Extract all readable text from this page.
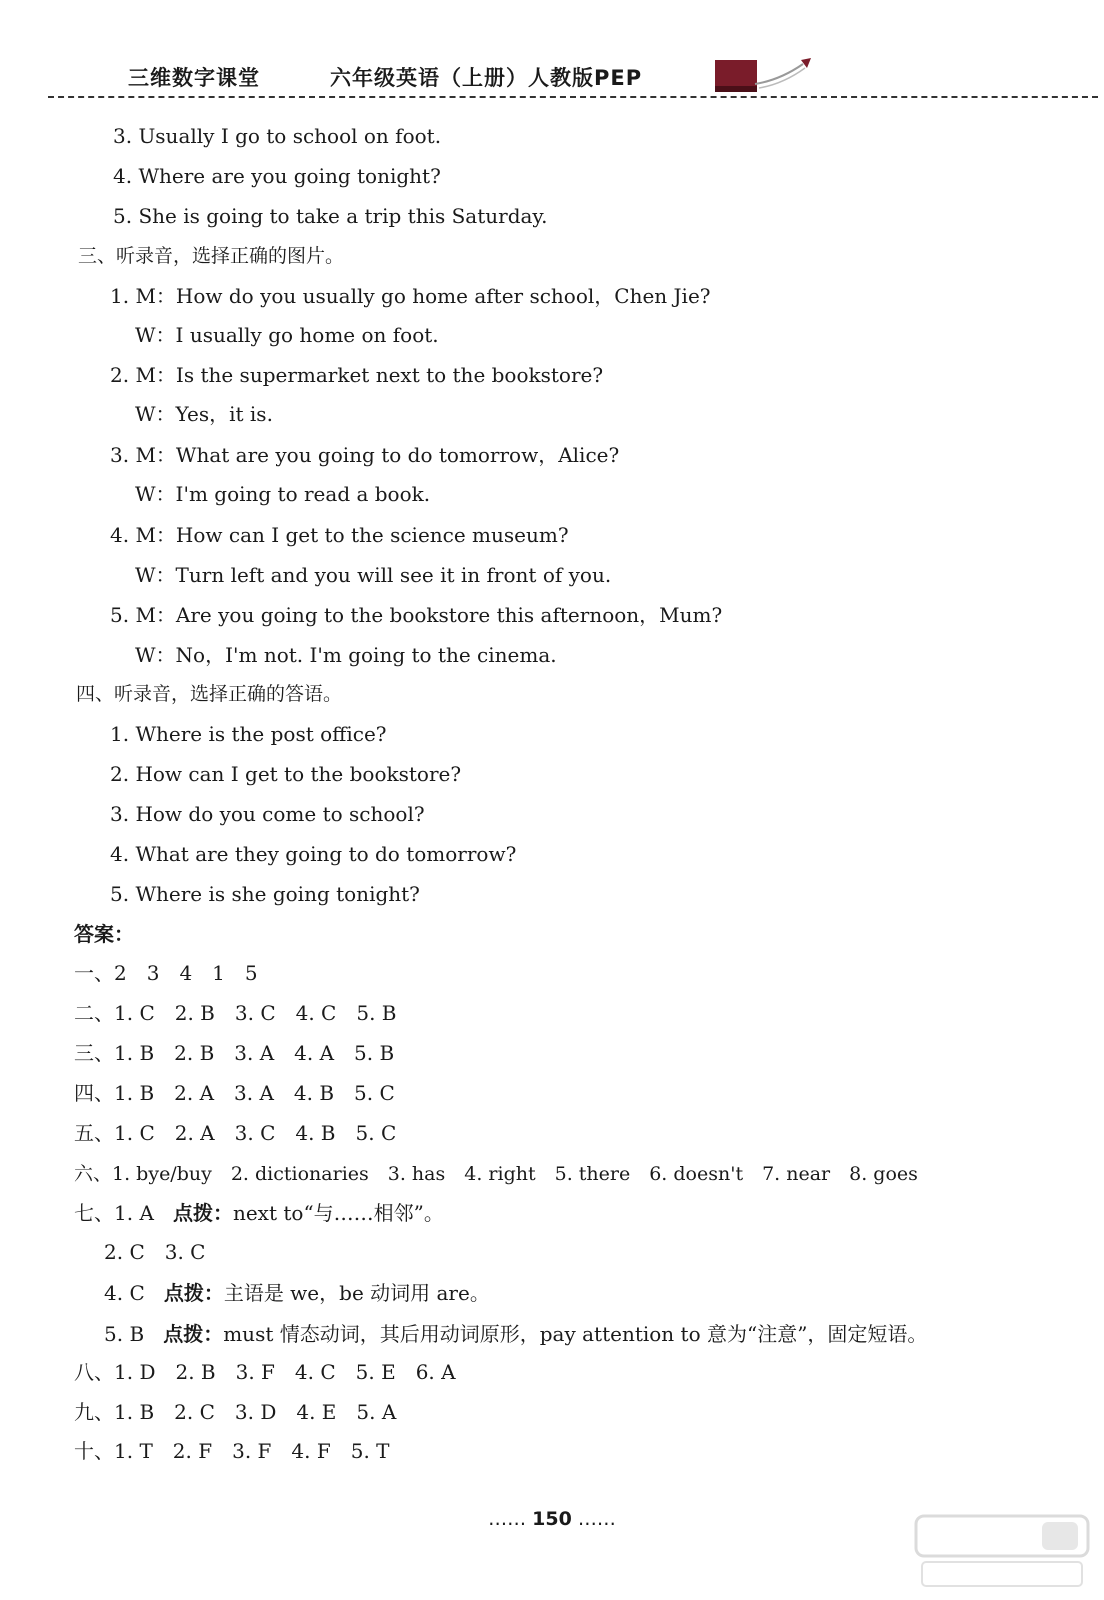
三维数字课堂	六年级英语（上册）人教版PEP
3. Usually I go to school on foot.
4. Where are you going tonight?
5. She is going to take a trip this Saturday.
三、听录音，选择正确的图片。
1. M：How do you usually go home after school，Chen Jie?
W：I usually go home on foot.
2. M：Is the supermarket next to the bookstore?
W：Yes，it is.
3. M：What are you going to do tomorrow，Alice?
W：I'm going to read a book.
4. M：How can I get to the science museum?
W：Turn left and you will see it in front of you.
5. M：Are you going to the bookstore this afternoon，Mum?
W：No，I'm not. I'm going to the cinema.
四、听录音，选择正确的答语。
1. Where is the post office?
2. How can I get to the bookstore?
3. How do you come to school?
4. What are they going to do tomorrow?
5. Where is she going tonight?
答案：
一、2　3　4　1　5
二、1. C　2. B　3. C　4. C　5. B
三、1. B　2. B　3. A　4. A　5. B
四、1. B　2. A　3. A　4. B　5. C
五、1. C　2. A　3. C　4. B　5. C
六、1. bye/buy　2. dictionaries　3. has　4. right　5. there　6. doesn't　7. near　8. goes
七、1. A 点拨：next to“与……相邻”。
2. C　3. C
4. C 点拨：主语是 we，be 动词用 are。
5. B 点拨：must 情态动词，其后用动词原形，pay attention to 意为“注意”，固定短语。
八、1. D　2. B　3. F　4. C　5. E　6. A
九、1. B　2. C　3. D　4. E　5. A
十、1. T　2. F　3. F　4. F　5. T
…… 150 ……
